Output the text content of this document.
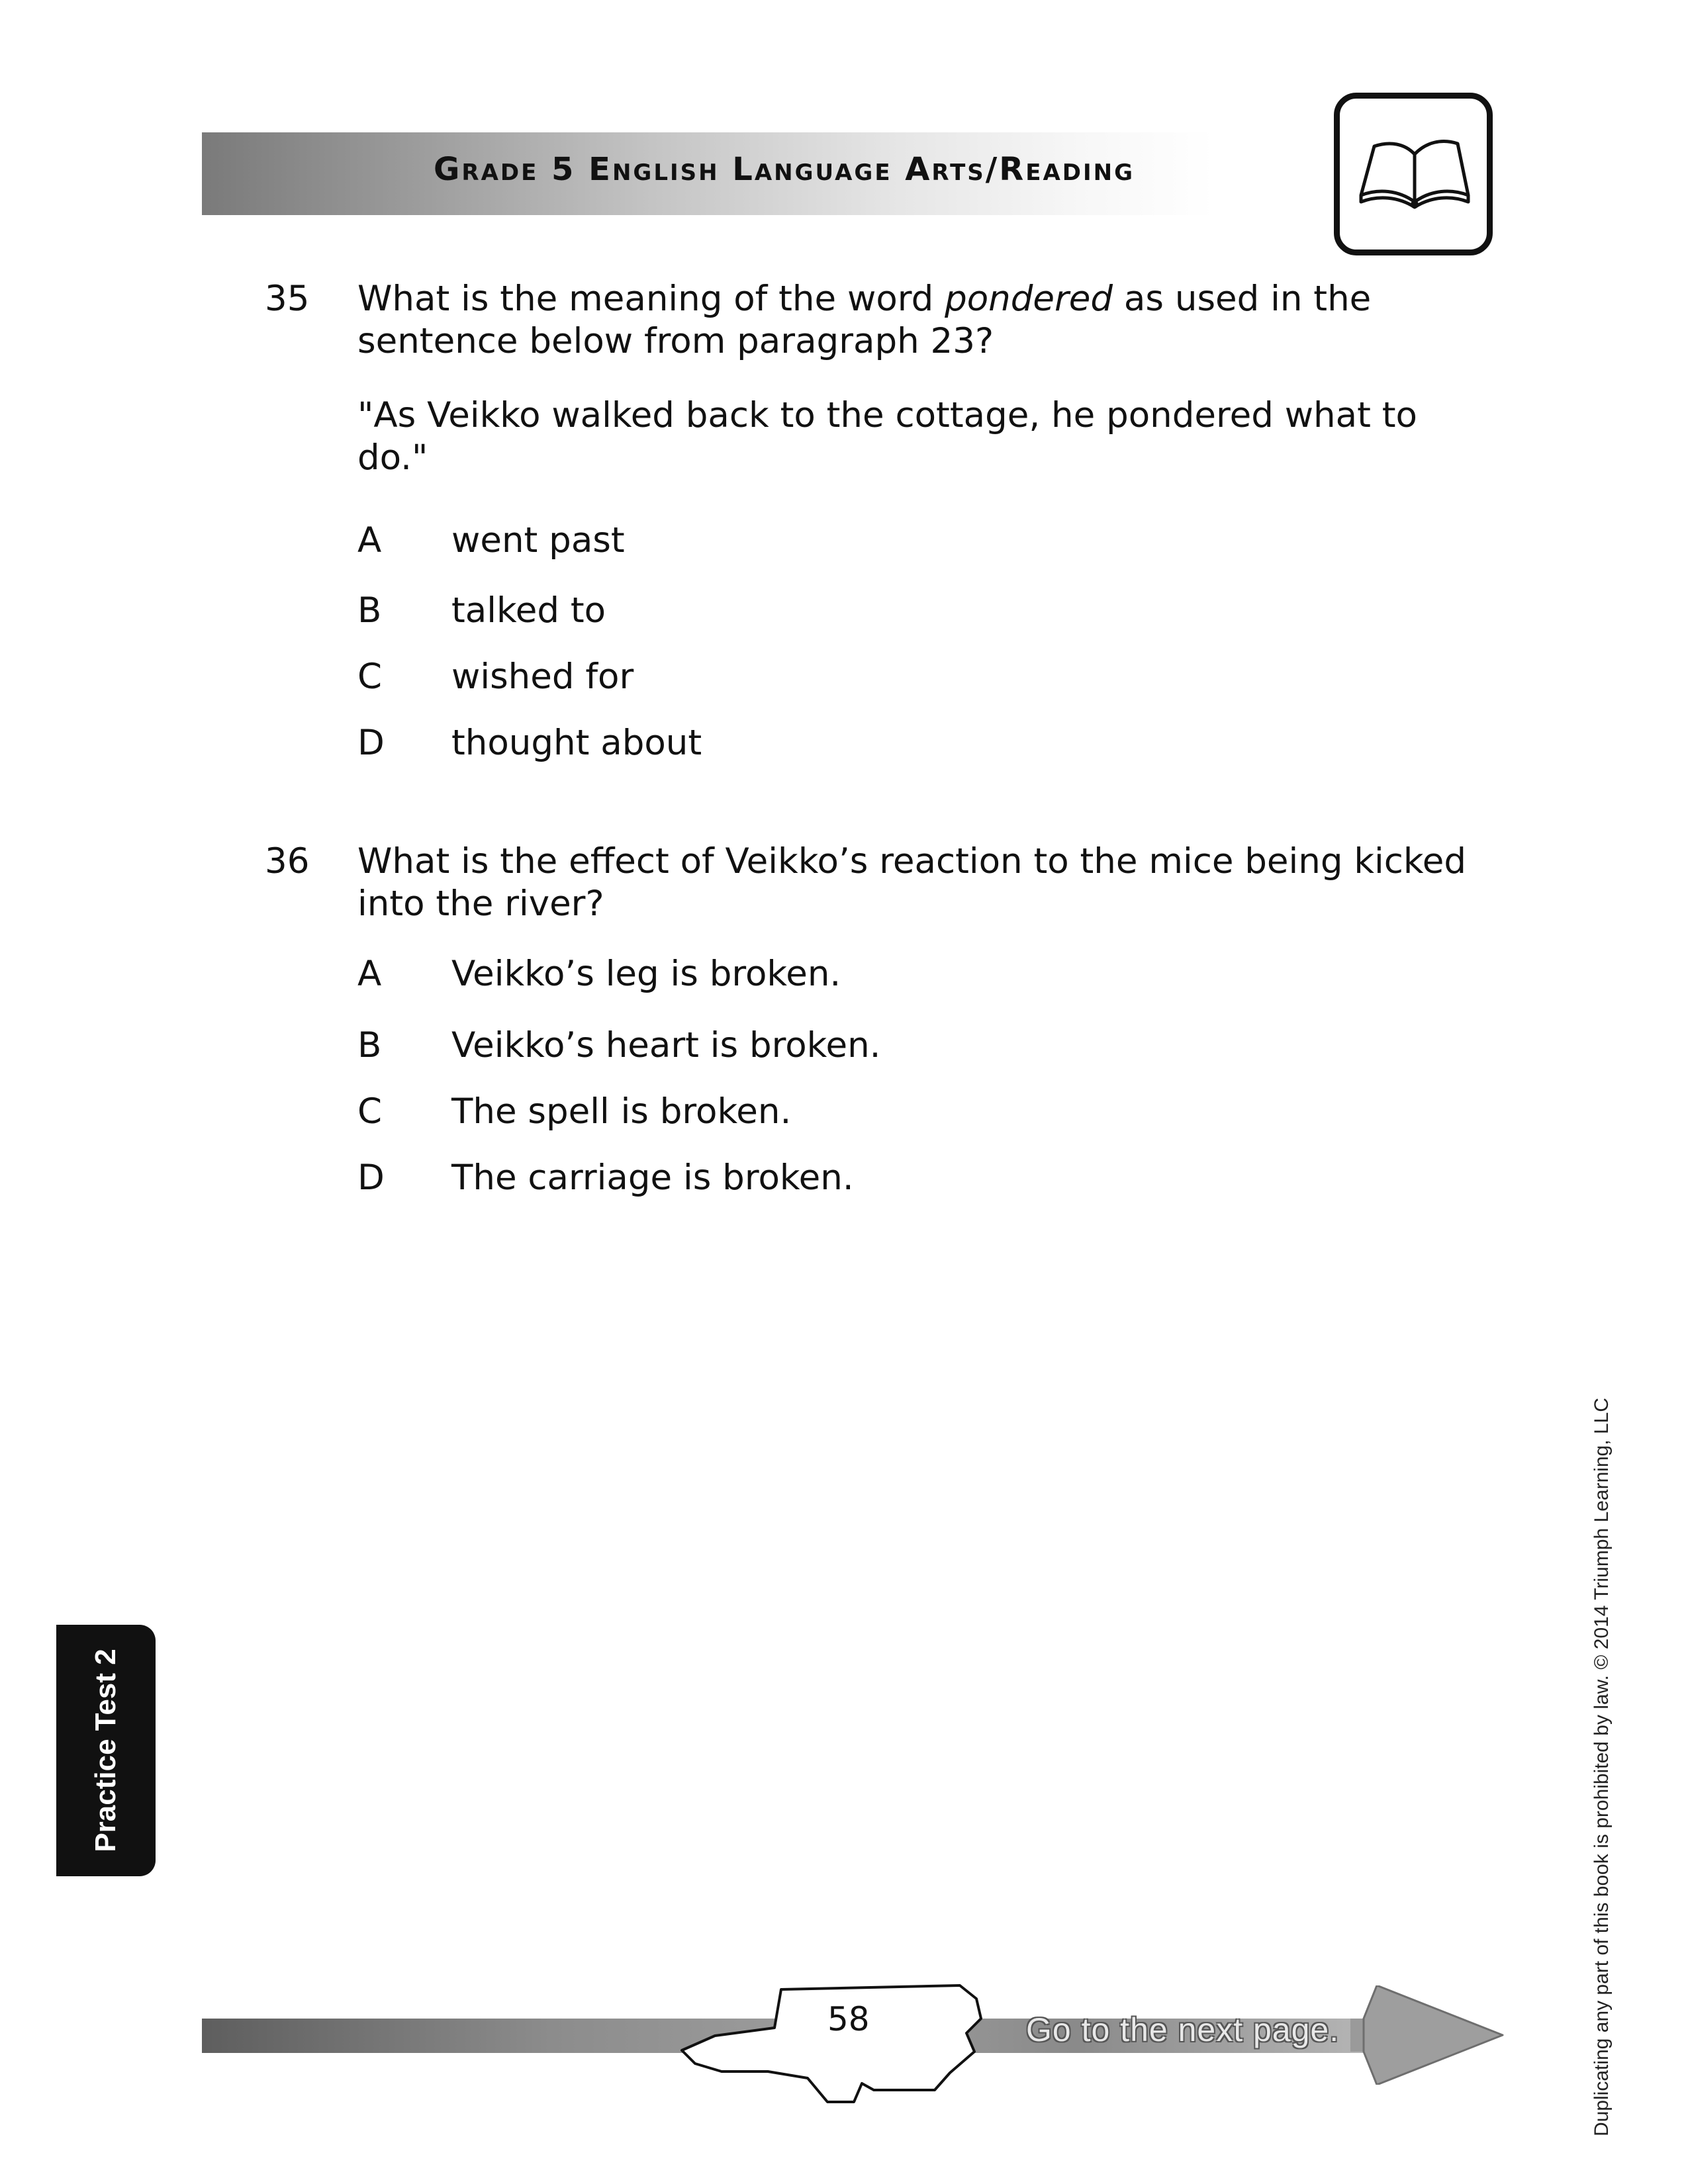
Grade 5 English Language Arts/Reading
35 What is the meaning of the word pondered as used in the sentence below from paragraph 23?
"As Veikko walked back to the cottage, he pondered what to do."
A went past
B talked to
C wished for
D thought about
36 What is the effect of Veikko’s reaction to the mice being kicked into the river?
A Veikko’s leg is broken.
B Veikko’s heart is broken.
C The spell is broken.
D The carriage is broken.
Practice Test 2	Duplicating any part of this book is prohibited by law. © 2014 Triumph Learning, LLC
58	Go to the next page.
